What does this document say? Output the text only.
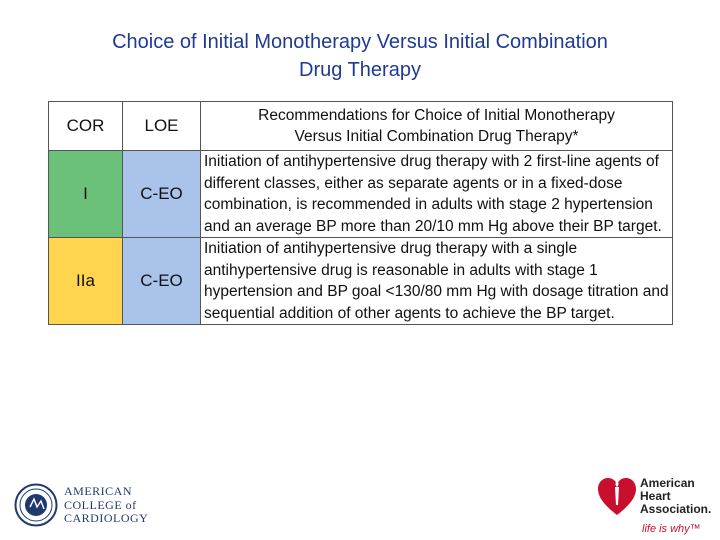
Choice of Initial Monotherapy Versus Initial Combination
Drug Therapy
COR	LOE	Recommendations for Choice of Initial Monotherapy
Versus Initial Combination Drug Therapy*

I	C-EO	Initiation of antihypertensive drug therapy with 2 first-line agents of different classes, either as separate agents or in a fixed-dose combination, is recommended in adults with stage 2 hypertension and an average BP more than 20/10 mm Hg above their BP target.
IIa	C-EO	Initiation of antihypertensive drug therapy with a single antihypertensive drug is reasonable in adults with stage 1 hypertension and BP goal <130/80 mm Hg with dosage titration and sequential addition of other agents to achieve the BP target.
AMERICAN
COLLEGE of
CARDIOLOGY
American
Heart
Association.
life is why™
